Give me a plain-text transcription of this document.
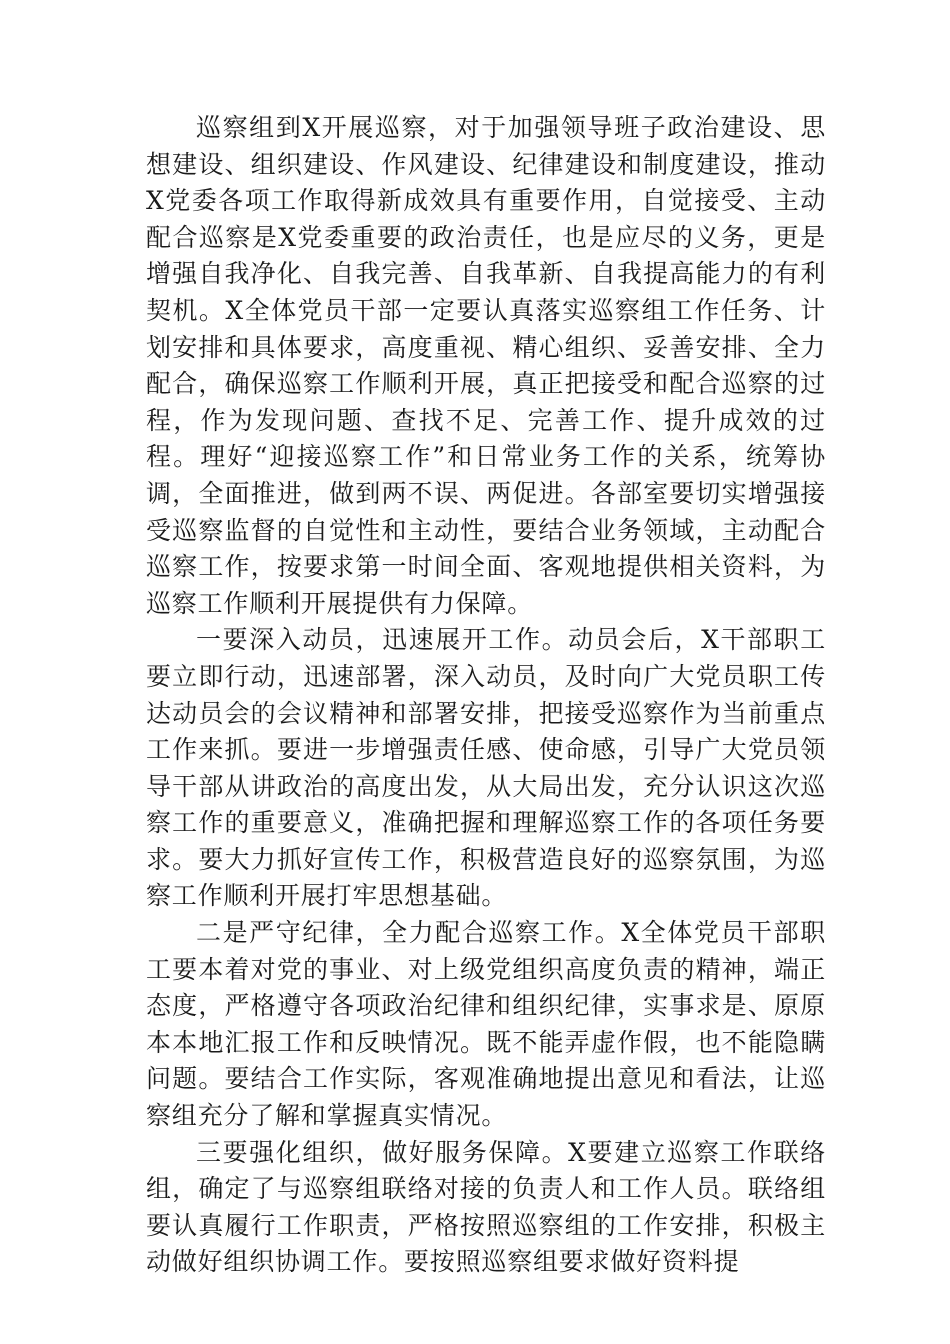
巡察组到X开展巡察，对于加强领导班子政治建设、思想建设、组织建设、作风建设、纪律建设和制度建设，推动X党委各项工作取得新成效具有重要作用，自觉接受、主动配合巡察是X党委重要的政治责任，也是应尽的义务，更是增强自我净化、自我完善、自我革新、自我提高能力的有利契机。X全体党员干部一定要认真落实巡察组工作任务、计划安排和具体要求，高度重视、精心组织、妥善安排、全力配合，确保巡察工作顺利开展，真正把接受和配合巡察的过程，作为发现问题、查找不足、完善工作、提升成效的过程。理好“迎接巡察工作”和日常业务工作的关系，统筹协调，全面推进，做到两不误、两促进。各部室要切实增强接受巡察监督的自觉性和主动性，要结合业务领域，主动配合巡察工作，按要求第一时间全面、客观地提供相关资料，为巡察工作顺利开展提供有力保障。

一要深入动员，迅速展开工作。动员会后，X干部职工要立即行动，迅速部署，深入动员，及时向广大党员职工传达动员会的会议精神和部署安排，把接受巡察作为当前重点工作来抓。要进一步增强责任感、使命感，引导广大党员领导干部从讲政治的高度出发，从大局出发，充分认识这次巡察工作的重要意义，准确把握和理解巡察工作的各项任务要求。要大力抓好宣传工作，积极营造良好的巡察氛围，为巡察工作顺利开展打牢思想基础。

二是严守纪律，全力配合巡察工作。X全体党员干部职工要本着对党的事业、对上级党组织高度负责的精神，端正态度，严格遵守各项政治纪律和组织纪律，实事求是、原原本本地汇报工作和反映情况。既不能弄虚作假，也不能隐瞒问题。要结合工作实际，客观准确地提出意见和看法，让巡察组充分了解和掌握真实情况。

三要强化组织，做好服务保障。X要建立巡察工作联络组，确定了与巡察组联络对接的负责人和工作人员。联络组要认真履行工作职责，严格按照巡察组的工作安排，积极主动做好组织协调工作。要按照巡察组要求做好资料提
